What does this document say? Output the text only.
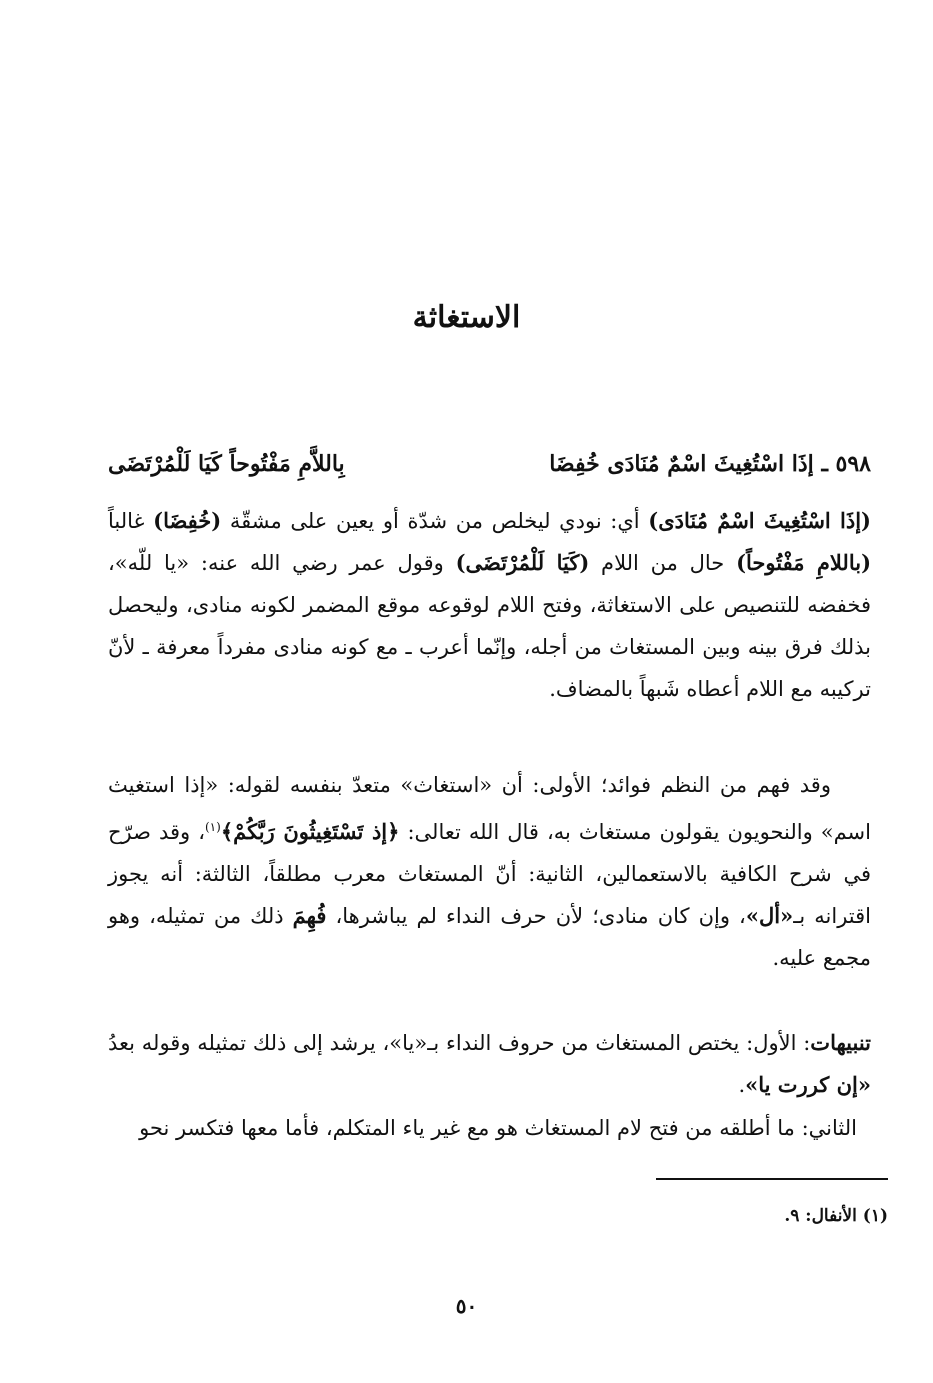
الاستغاثة
٥٩٨ ـ إذَا اسْتُغِيثَ اسْمٌ مُنَادَى خُفِضَا
بِاللاَّمِ مَفْتُوحاً كَيَا لَلْمُرْتَضَى

(إذَا اسْتُغِيثَ اسْمٌ مُنَادَى) أي: نودي ليخلص من شدّة أو يعين على مشقّة (خُفِضَا) غالباً (باللامِ مَفْتُوحاً) حال من اللام (كَيَا لَلْمُرْتَضَى) وقول عمر رضي الله عنه: «يا للّه»، فخفضه للتنصيص على الاستغاثة، وفتح اللام لوقوعه موقع المضمر لكونه منادى، وليحصل بذلك فرق بينه وبين المستغاث من أجله، وإنّما أعرب ـ مع كونه منادى مفرداً معرفة ـ لأنّ تركيبه مع اللام أعطاه شَبهاً بالمضاف.

وقد فهم من النظم فوائد؛ الأولى: أن «استغاث» متعدّ بنفسه لقوله: «إذا استغيث اسم» والنحويون يقولون مستغاث به، قال الله تعالى: ﴿إذ تَسْتَغِيثُونَ رَبَّكُمْ﴾$^{(١)}$، وقد صرّح في شرح الكافية بالاستعمالين، الثانية: أنّ المستغاث معرب مطلقاً، الثالثة: أنه يجوز اقترانه بـ«أل»، وإن كان منادى؛ لأن حرف النداء لم يباشرها، فُهِمَ ذلك من تمثيله، وهو مجمع عليه.

تنبيهات: الأول: يختص المستغاث من حروف النداء بـ«يا»، يرشد إلى ذلك تمثيله وقوله بعدُ «إن كررت يا».

الثاني: ما أطلقه من فتح لام المستغاث هو مع غير ياء المتكلم، فأما معها فتكسر نحو

(١) الأنفال: ٩.

٥٠
